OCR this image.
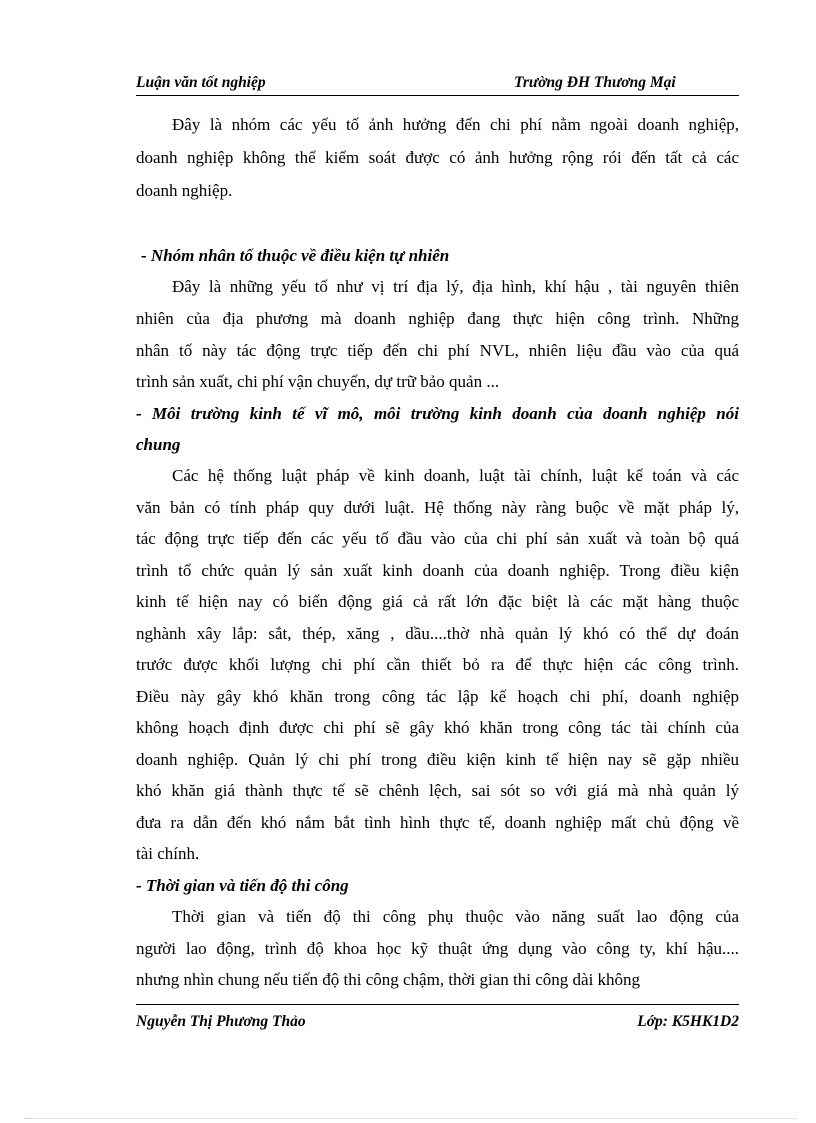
Luận văn tốt nghiệp	Trường ĐH Thương Mại
Đây là nhóm các yếu tố ảnh hưởng đến chi phí nằm ngoài doanh nghiệp,
doanh nghiệp không thể kiểm soát được có ảnh hưởng rộng rói đến tất cả các
doanh nghiệp.
- Nhóm nhân tố thuộc về điều kiện tự nhiên
Đây là những yếu tố như vị trí địa lý, địa hình, khí hậu , tài nguyên thiên
nhiên của địa phương mà doanh nghiệp đang thực hiện công trình. Những
nhân tố này tác động trực tiếp đến chi phí NVL, nhiên liệu đầu vào của quá
trình sản xuất, chi phí vận chuyển, dự trữ bảo quản ...
- Môi trường kinh tế vĩ mô, môi trường kinh doanh của doanh nghiệp nói
chung
Các hệ thống luật pháp về kinh doanh, luật tài chính, luật kế toán và các
văn bản có tính pháp quy dưới luật. Hệ thống này ràng buộc về mặt pháp lý,
tác động trực tiếp đến các yếu tố đầu vào của chi phí sản xuất và toàn bộ quá
trình tổ chức quản lý sản xuất kinh doanh của doanh nghiệp. Trong điều kiện
kinh tế hiện nay có biến động giá cả rất lớn đặc biệt là các mặt hàng thuộc
nghành xây lắp: sắt, thép, xăng , dầu....thờ nhà quản lý khó có thể dự đoán
trước được khối lượng chi phí cần thiết bỏ ra để thực hiện các công trình.
Điều này gây khó khăn trong công tác lập kế hoạch chi phí, doanh nghiệp
không hoạch định được chi phí sẽ gây khó khăn trong công tác tài chính của
doanh nghiệp. Quản lý chi phí trong điều kiện kinh tế hiện nay sẽ gặp nhiều
khó khăn giá thành thực tế sẽ chênh lệch, sai sót so với giá mà nhà quản lý
đưa ra dẫn đến khó nắm bắt tình hình thực tế, doanh nghiệp mất chủ động về
tài chính.
- Thời gian và tiến độ thi công
Thời gian và tiến độ thi công phụ thuộc vào năng suất lao động của
người lao động, trình độ khoa học kỹ thuật ứng dụng vào công ty, khí hậu....
nhưng nhìn chung nếu tiến độ thi công chậm, thời gian thi công dài không
Nguyễn Thị Phương Thảo	Lớp: K5HK1D2
